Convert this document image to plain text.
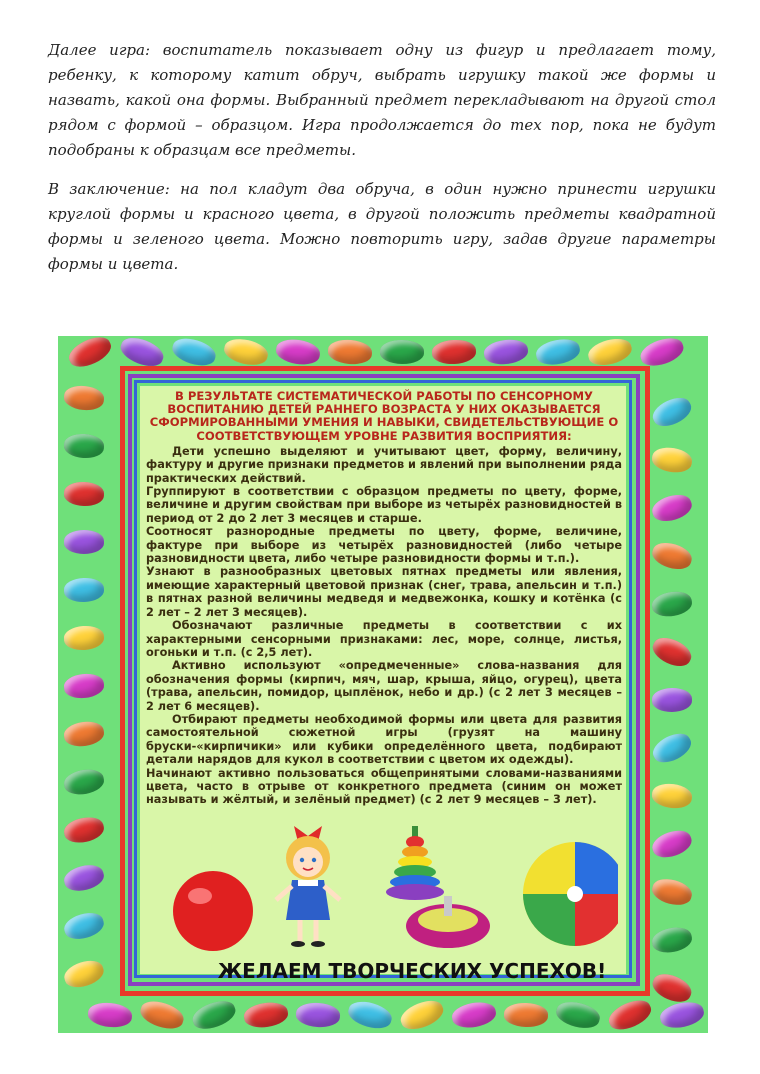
Далее игра: воспитатель показывает одну из фигур и предлагает тому, ребенку, к которому катит обруч, выбрать игрушку такой же формы и назвать, какой она формы. Выбранный предмет перекладывают на другой стол рядом с формой – образцом. Игра продолжается до тех пор, пока не будут подобраны к образцам все предметы.

В заключение: на пол кладут два обруча, в один нужно принести игрушки круглой формы и красного цвета, в другой положить предметы квадратной формы и зеленого цвета. Можно повторить игру, задав другие параметры формы и цвета.

В РЕЗУЛЬТАТЕ СИСТЕМАТИЧЕСКОЙ РАБОТЫ ПО СЕНСОРНОМУ ВОСПИТАНИЮ ДЕТЕЙ РАННЕГО ВОЗРАСТА У НИХ ОКАЗЫВАЕТСЯ СФОРМИРОВАННЫМИ УМЕНИЯ И НАВЫКИ, СВИДЕТЕЛЬСТВУЮЩИЕ О СООТВЕТСТВУЮЩЕМ УРОВНЕ РАЗВИТИЯ ВОСПРИЯТИЯ:

Дети успешно выделяют и учитывают цвет, форму, величину, фактуру и другие признаки предметов и явлений при выполнении ряда практических действий.

Группируют в соответствии с образцом предметы по цвету, форме, величине и другим свойствам при выборе из четырёх разновидностей в период от 2 до 2 лет 3 месяцев и старше.

Соотносят разнородные предметы по цвету, форме, величине, фактуре при выборе из четырёх разновидностей (либо четыре разновидности цвета, либо четыре разновидности формы и т.п.).

Узнают в разнообразных цветовых пятнах предметы или явления, имеющие характерный цветовой признак (снег, трава, апельсин и т.п.) в пятнах разной величины медведя и медвежонка, кошку и котёнка (с 2 лет – 2 лет 3 месяцев).

Обозначают различные предметы в соответствии с их характерными сенсорными признаками: лес, море, солнце, листья, огоньки и т.п. (с 2,5 лет).

Активно используют «опредмеченные» слова-названия для обозначения формы (кирпич, мяч, шар, крыша, яйцо, огурец), цвета (трава, апельсин, помидор, цыплёнок, небо и др.) (с 2 лет 3 месяцев – 2 лет 6 месяцев).

Отбирают предметы необходимой формы или цвета для развития самостоятельной сюжетной игры (грузят на машину бруски-«кирпичики» или кубики определённого цвета, подбирают детали нарядов для кукол в соответствии с цветом их одежды).

Начинают активно пользоваться общепринятыми словами-названиями цвета, часто в отрыве от конкретного предмета (синим он может называть и жёлтый, и зелёный предмет) (с 2 лет 9 месяцев – 3 лет).

ЖЕЛАЕМ ТВОРЧЕСКИХ УСПЕХОВ!
